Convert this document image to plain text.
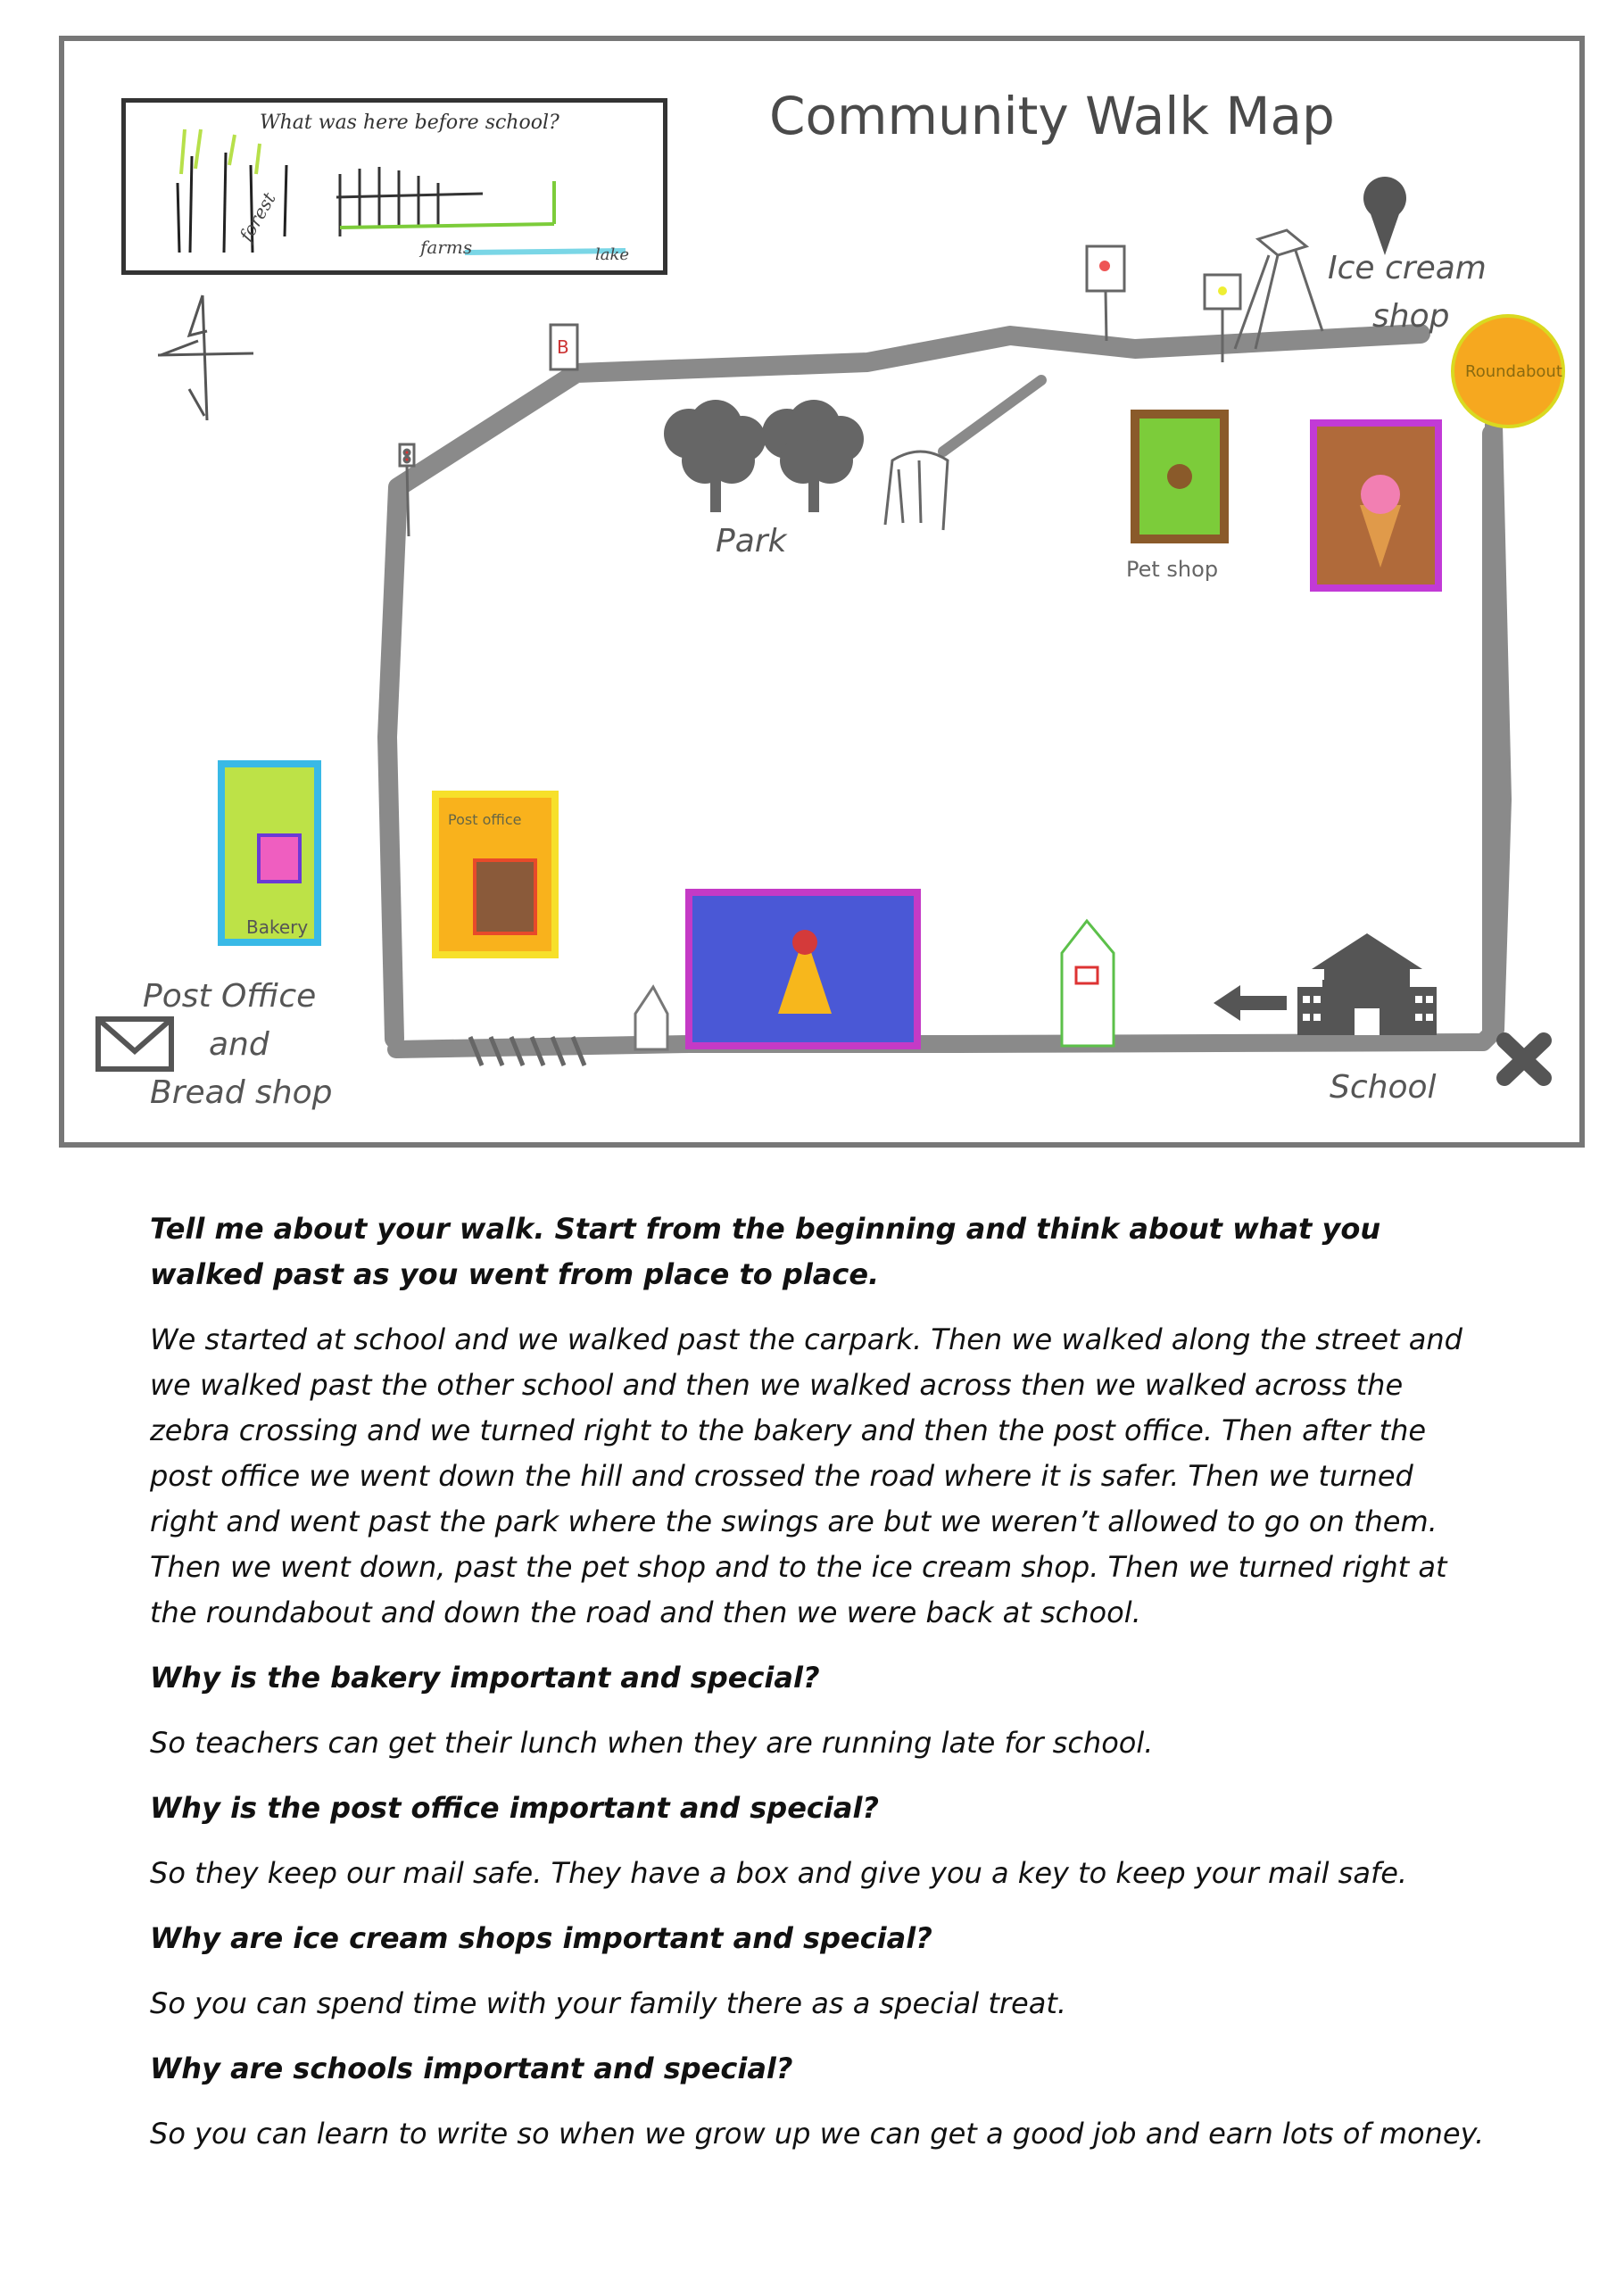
B
Pet shop
Roundabout
Bakery
Post office
Community Walk Map
What was here before school?
forest
farms	lake
Park
Ice cream
shop
Post Office
and
Bread shop	School

Tell me about your walk. Start from the beginning and think about what you walked past as you went from place to place.

We started at school and we walked past the carpark. Then we walked along the street and we walked past the other school and then we walked across then we walked across the zebra crossing and we turned right to the bakery and then the post office. Then after the post office we went down the hill and crossed the road where it is safer. Then we turned right and went past the park where the swings are but we weren’t allowed to go on them. Then we went down, past the pet shop and to the ice cream shop. Then we turned right at the roundabout and down the road and then we were back at school.

Why is the bakery important and special?

So teachers can get their lunch when they are running late for school.

Why is the post office important and special?

So they keep our mail safe. They have a box and give you a key to keep your mail safe.

Why are ice cream shops important and special?

So you can spend time with your family there as a special treat.

Why are schools important and special?

So you can learn to write so when we grow up we can get a good job and earn lots of money.
